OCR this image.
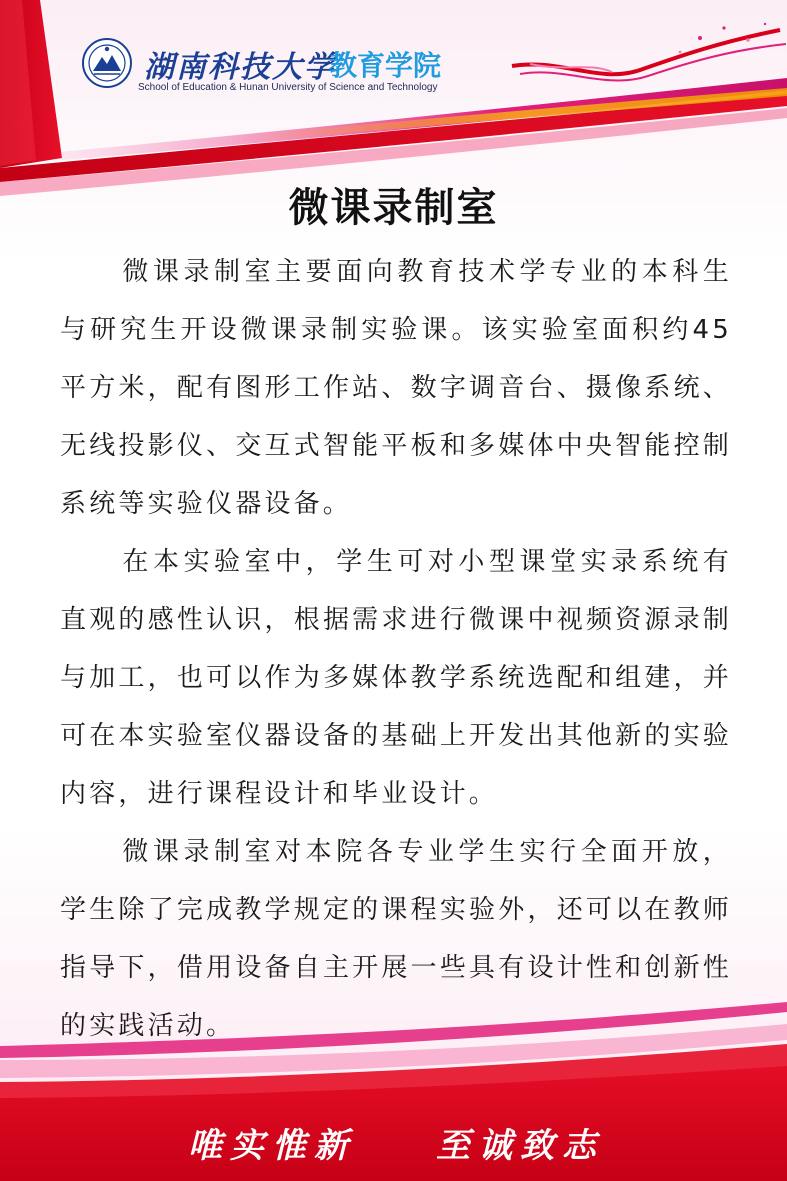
湖南科技大学
教育学院
School of Education & Hunan University of Science and Technology
微课录制室

微课录制室主要面向教育技术学专业的本科生与研究生开设微课录制实验课。该实验室面积约45平方米，配有图形工作站、数字调音台、摄像系统、无线投影仪、交互式智能平板和多媒体中央智能控制系统等实验仪器设备。

在本实验室中，学生可对小型课堂实录系统有直观的感性认识，根据需求进行微课中视频资源录制与加工，也可以作为多媒体教学系统选配和组建，并可在本实验室仪器设备的基础上开发出其他新的实验内容，进行课程设计和毕业设计。

微课录制室对本院各专业学生实行全面开放，学生除了完成教学规定的课程实验外，还可以在教师指导下，借用设备自主开展一些具有设计性和创新性的实践活动。

唯实惟新 至诚致志
